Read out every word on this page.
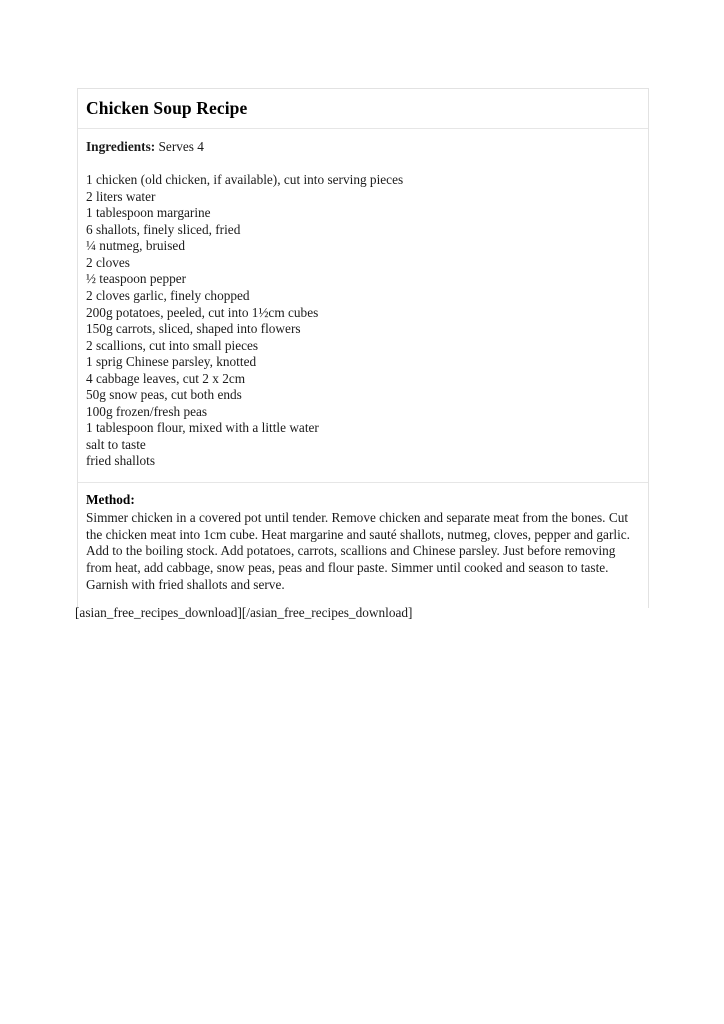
Chicken Soup Recipe

Ingredients: Serves 4

1 chicken (old chicken, if available), cut into serving pieces
2 liters water
1 tablespoon margarine
6 shallots, finely sliced, fried
¼ nutmeg, bruised
2 cloves
½ teaspoon pepper
2 cloves garlic, finely chopped
200g potatoes, peeled, cut into 1½cm cubes
150g carrots, sliced, shaped into flowers
2 scallions, cut into small pieces
1 sprig Chinese parsley, knotted
4 cabbage leaves, cut 2 x 2cm
50g snow peas, cut both ends
100g frozen/fresh peas
1 tablespoon flour, mixed with a little water
salt to taste
fried shallots

Method:

Simmer chicken in a covered pot until tender. Remove chicken and separate meat from the bones. Cut the chicken meat into 1cm cube. Heat margarine and sauté shallots, nutmeg, cloves, pepper and garlic. Add to the boiling stock. Add potatoes, carrots, scallions and Chinese parsley. Just before removing from heat, add cabbage, snow peas, peas and flour paste. Simmer until cooked and season to taste. Garnish with fried shallots and serve.

[asian_free_recipes_download][/asian_free_recipes_download]
